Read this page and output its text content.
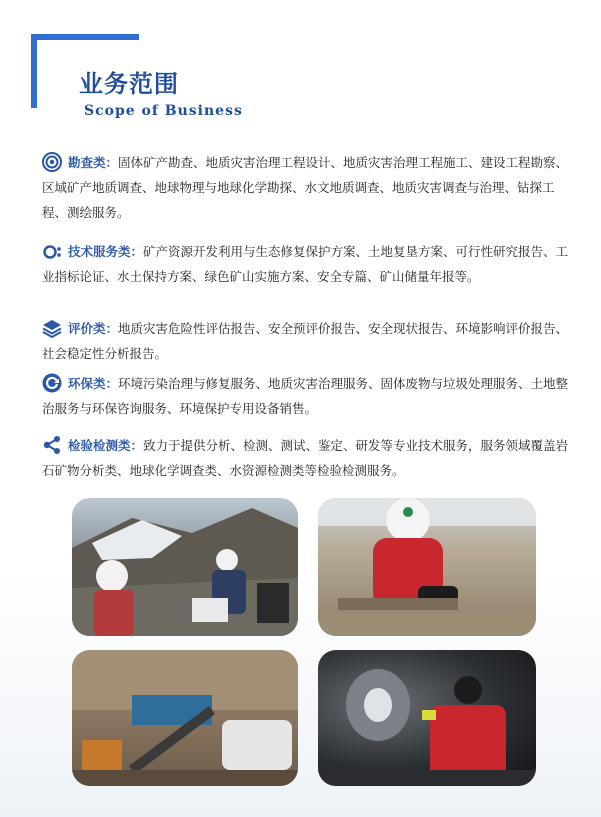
业务范围
Scope of Business
勘查类：固体矿产勘查、地质灾害治理工程设计、地质灾害治理工程施工、建设工程勘察、区域矿产地质调查、地球物理与地球化学勘探、水文地质调查、地质灾害调查与治理、钻探工程、测绘服务。
技术服务类：矿产资源开发利用与生态修复保护方案、土地复垦方案、可行性研究报告、工业指标论证、水土保持方案、绿色矿山实施方案、安全专篇、矿山储量年报等。
评价类：地质灾害危险性评估报告、安全预评价报告、安全现状报告、环境影响评价报告、社会稳定性分析报告。
环保类：环境污染治理与修复服务、地质灾害治理服务、固体废物与垃圾处理服务、土地整治服务与环保咨询服务、环境保护专用设备销售。
检验检测类：致力于提供分析、检测、测试、鉴定、研发等专业技术服务，服务领域覆盖岩石矿物分析类、地球化学调查类、水资源检测类等检验检测服务。
